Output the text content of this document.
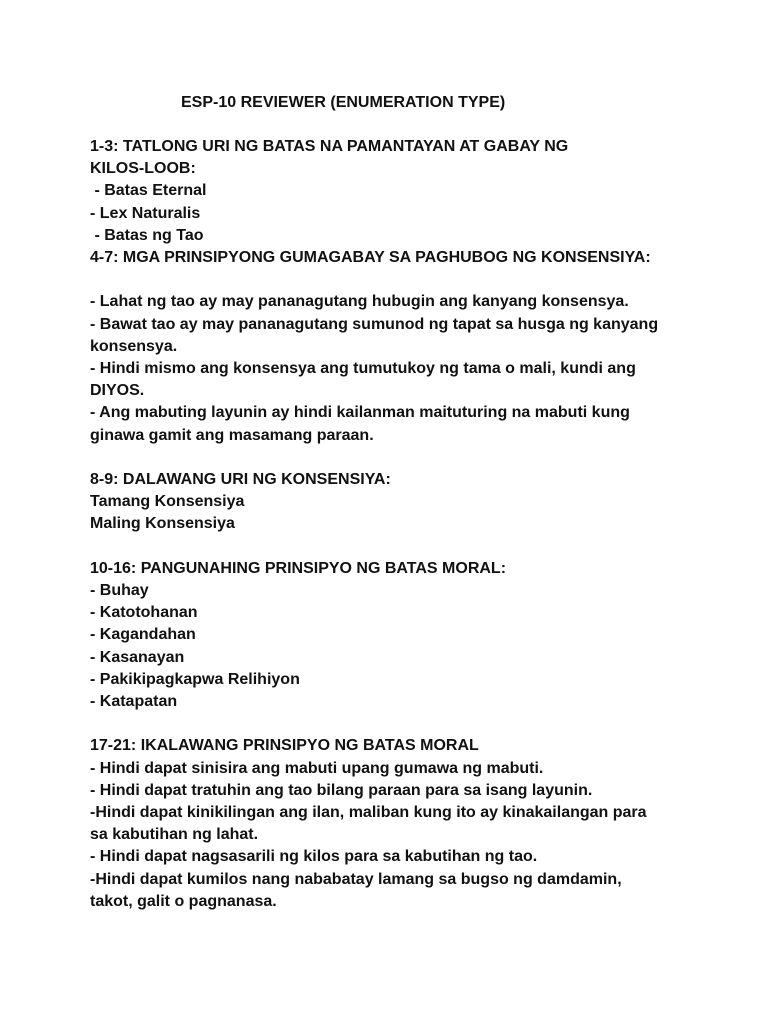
ESP-10 REVIEWER (ENUMERATION TYPE)
1-3: TATLONG URI NG BATAS NA PAMANTAYAN AT GABAY NG
KILOS-LOOB:
- Batas Eternal
- Lex Naturalis
- Batas ng Tao
4-7: MGA PRINSIPYONG GUMAGABAY SA PAGHUBOG NG KONSENSIYA:
- Lahat ng tao ay may pananagutang hubugin ang kanyang konsensya.
- Bawat tao ay may pananagutang sumunod ng tapat sa husga ng kanyang
konsensya.
- Hindi mismo ang konsensya ang tumutukoy ng tama o mali, kundi ang
DIYOS.
- Ang mabuting layunin ay hindi kailanman maituturing na mabuti kung
ginawa gamit ang masamang paraan.
8-9: DALAWANG URI NG KONSENSIYA:
Tamang Konsensiya
Maling Konsensiya
10-16: PANGUNAHING PRINSIPYO NG BATAS MORAL:
- Buhay
- Katotohanan
- Kagandahan
- Kasanayan
- Pakikipagkapwa Relihiyon
- Katapatan
17-21: IKALAWANG PRINSIPYO NG BATAS MORAL
- Hindi dapat sinisira ang mabuti upang gumawa ng mabuti.
- Hindi dapat tratuhin ang tao bilang paraan para sa isang layunin.
-Hindi dapat kinikilingan ang ilan, maliban kung ito ay kinakailangan para
sa kabutihan ng lahat.
- Hindi dapat nagsasarili ng kilos para sa kabutihan ng tao.
-Hindi dapat kumilos nang nababatay lamang sa bugso ng damdamin,
takot, galit o pagnanasa.
